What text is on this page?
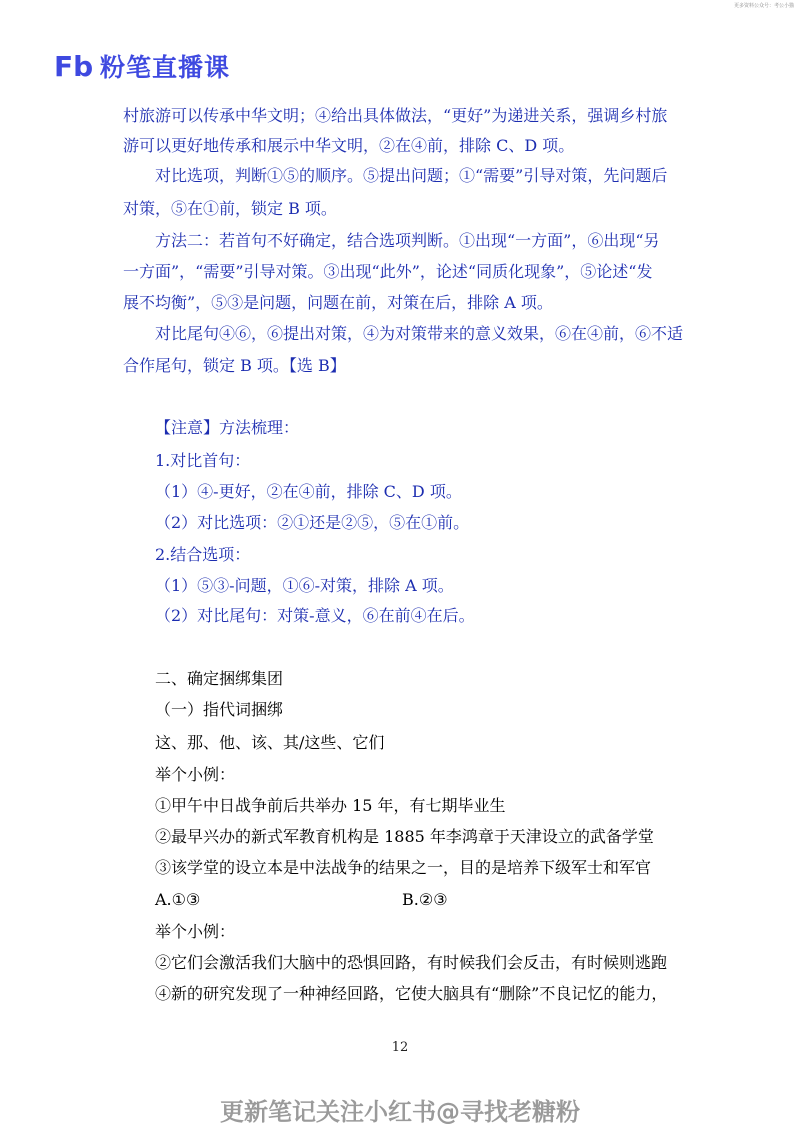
更多资料公众号：考公小猫
Fb 粉笔直播课
村旅游可以传承中华文明；④给出具体做法，“更好”为递进关系，强调乡村旅
游可以更好地传承和展示中华文明，②在④前，排除 C、D 项。
对比选项，判断①⑤的顺序。⑤提出问题；①“需要”引导对策，先问题后
对策，⑤在①前，锁定 B 项。
方法二：若首句不好确定，结合选项判断。①出现“一方面”，⑥出现“另
一方面”，“需要”引导对策。③出现“此外”，论述“同质化现象”，⑤论述“发
展不均衡”，⑤③是问题，问题在前，对策在后，排除 A 项。
对比尾句④⑥，⑥提出对策，④为对策带来的意义效果，⑥在④前，⑥不适
合作尾句，锁定 B 项。【选 B】
【注意】方法梳理：
1.对比首句：
（1）④-更好，②在④前，排除 C、D 项。
（2）对比选项：②①还是②⑤，⑤在①前。
2.结合选项：
（1）⑤③-问题，①⑥-对策，排除 A 项。
（2）对比尾句：对策-意义，⑥在前④在后。
二、确定捆绑集团
（一）指代词捆绑
这、那、他、该、其/这些、它们
举个小例：
①甲午中日战争前后共举办 15 年，有七期毕业生
②最早兴办的新式军教育机构是 1885 年李鸿章于天津设立的武备学堂
③该学堂的设立本是中法战争的结果之一，目的是培养下级军士和军官
A.①③	B.②③
举个小例：
②它们会激活我们大脑中的恐惧回路，有时候我们会反击，有时候则逃跑
④新的研究发现了一种神经回路，它使大脑具有“删除”不良记忆的能力，
12
更新笔记关注小红书@寻找老糖粉
